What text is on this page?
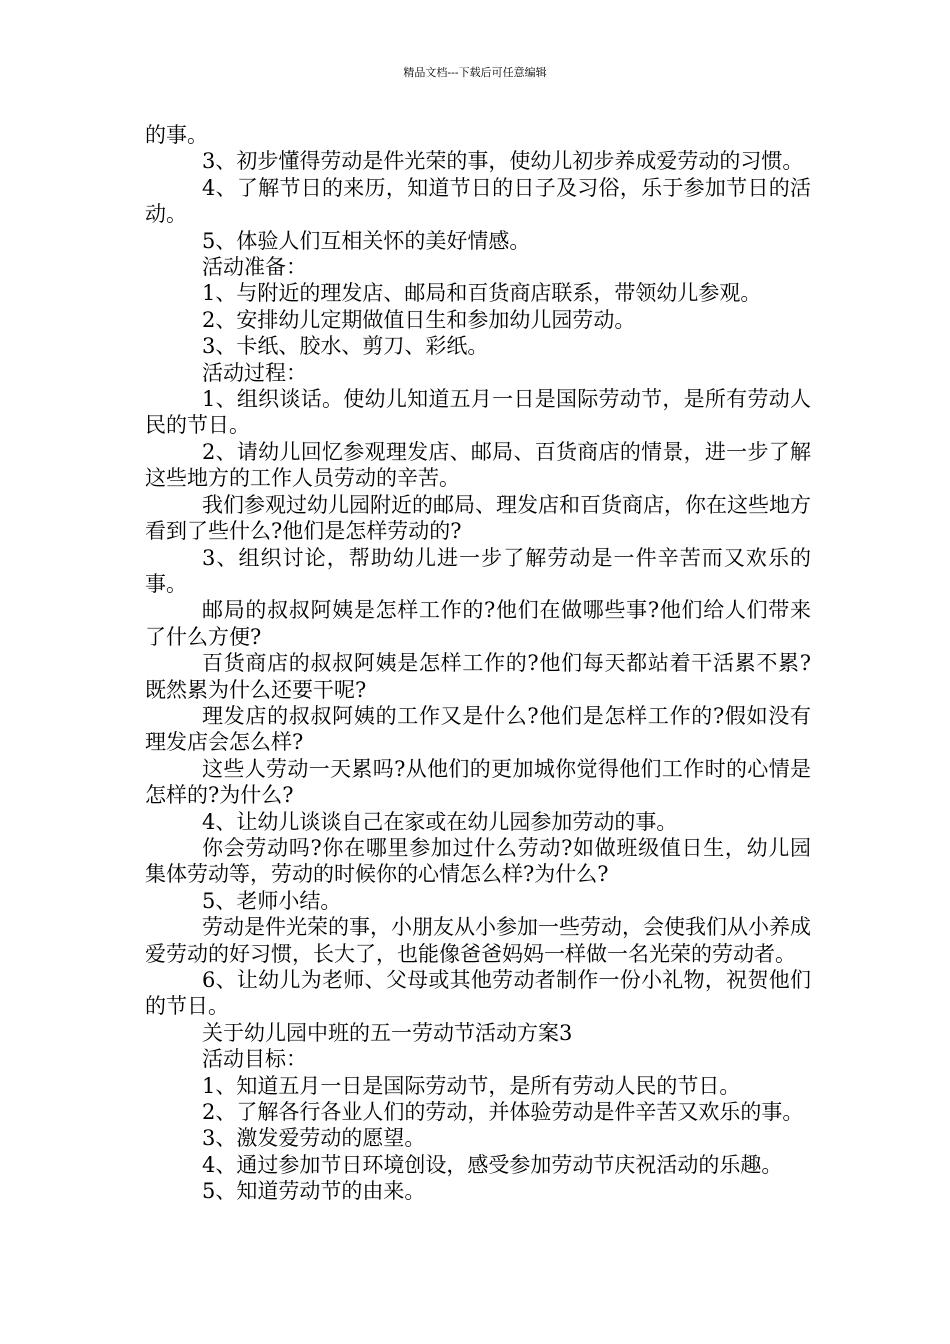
精品文档---下载后可任意编辑

的事。

3、初步懂得劳动是件光荣的事，使幼儿初步养成爱劳动的习惯。

4、了解节日的来历，知道节日的日子及习俗，乐于参加节日的活动。

5、体验人们互相关怀的美好情感。

活动准备：

1、与附近的理发店、邮局和百货商店联系，带领幼儿参观。

2、安排幼儿定期做值日生和参加幼儿园劳动。

3、卡纸、胶水、剪刀、彩纸。

活动过程：

1、组织谈话。使幼儿知道五月一日是国际劳动节，是所有劳动人民的节日。

2、请幼儿回忆参观理发店、邮局、百货商店的情景，进一步了解这些地方的工作人员劳动的辛苦。

我们参观过幼儿园附近的邮局、理发店和百货商店，你在这些地方看到了些什么?他们是怎样劳动的?

3、组织讨论，帮助幼儿进一步了解劳动是一件辛苦而又欢乐的事。

邮局的叔叔阿姨是怎样工作的?他们在做哪些事?他们给人们带来了什么方便?

百货商店的叔叔阿姨是怎样工作的?他们每天都站着干活累不累?既然累为什么还要干呢?

理发店的叔叔阿姨的工作又是什么?他们是怎样工作的?假如没有理发店会怎么样?

这些人劳动一天累吗?从他们的更加城你觉得他们工作时的心情是怎样的?为什么?

4、让幼儿谈谈自己在家或在幼儿园参加劳动的事。

你会劳动吗?你在哪里参加过什么劳动?如做班级值日生，幼儿园集体劳动等，劳动的时候你的心情怎么样?为什么?

5、老师小结。

劳动是件光荣的事，小朋友从小参加一些劳动，会使我们从小养成爱劳动的好习惯，长大了，也能像爸爸妈妈一样做一名光荣的劳动者。

6、让幼儿为老师、父母或其他劳动者制作一份小礼物，祝贺他们的节日。

关于幼儿园中班的五一劳动节活动方案3

活动目标：

1、知道五月一日是国际劳动节，是所有劳动人民的节日。

2、了解各行各业人们的劳动，并体验劳动是件辛苦又欢乐的事。

3、激发爱劳动的愿望。

4、通过参加节日环境创设，感受参加劳动节庆祝活动的乐趣。

5、知道劳动节的由来。
